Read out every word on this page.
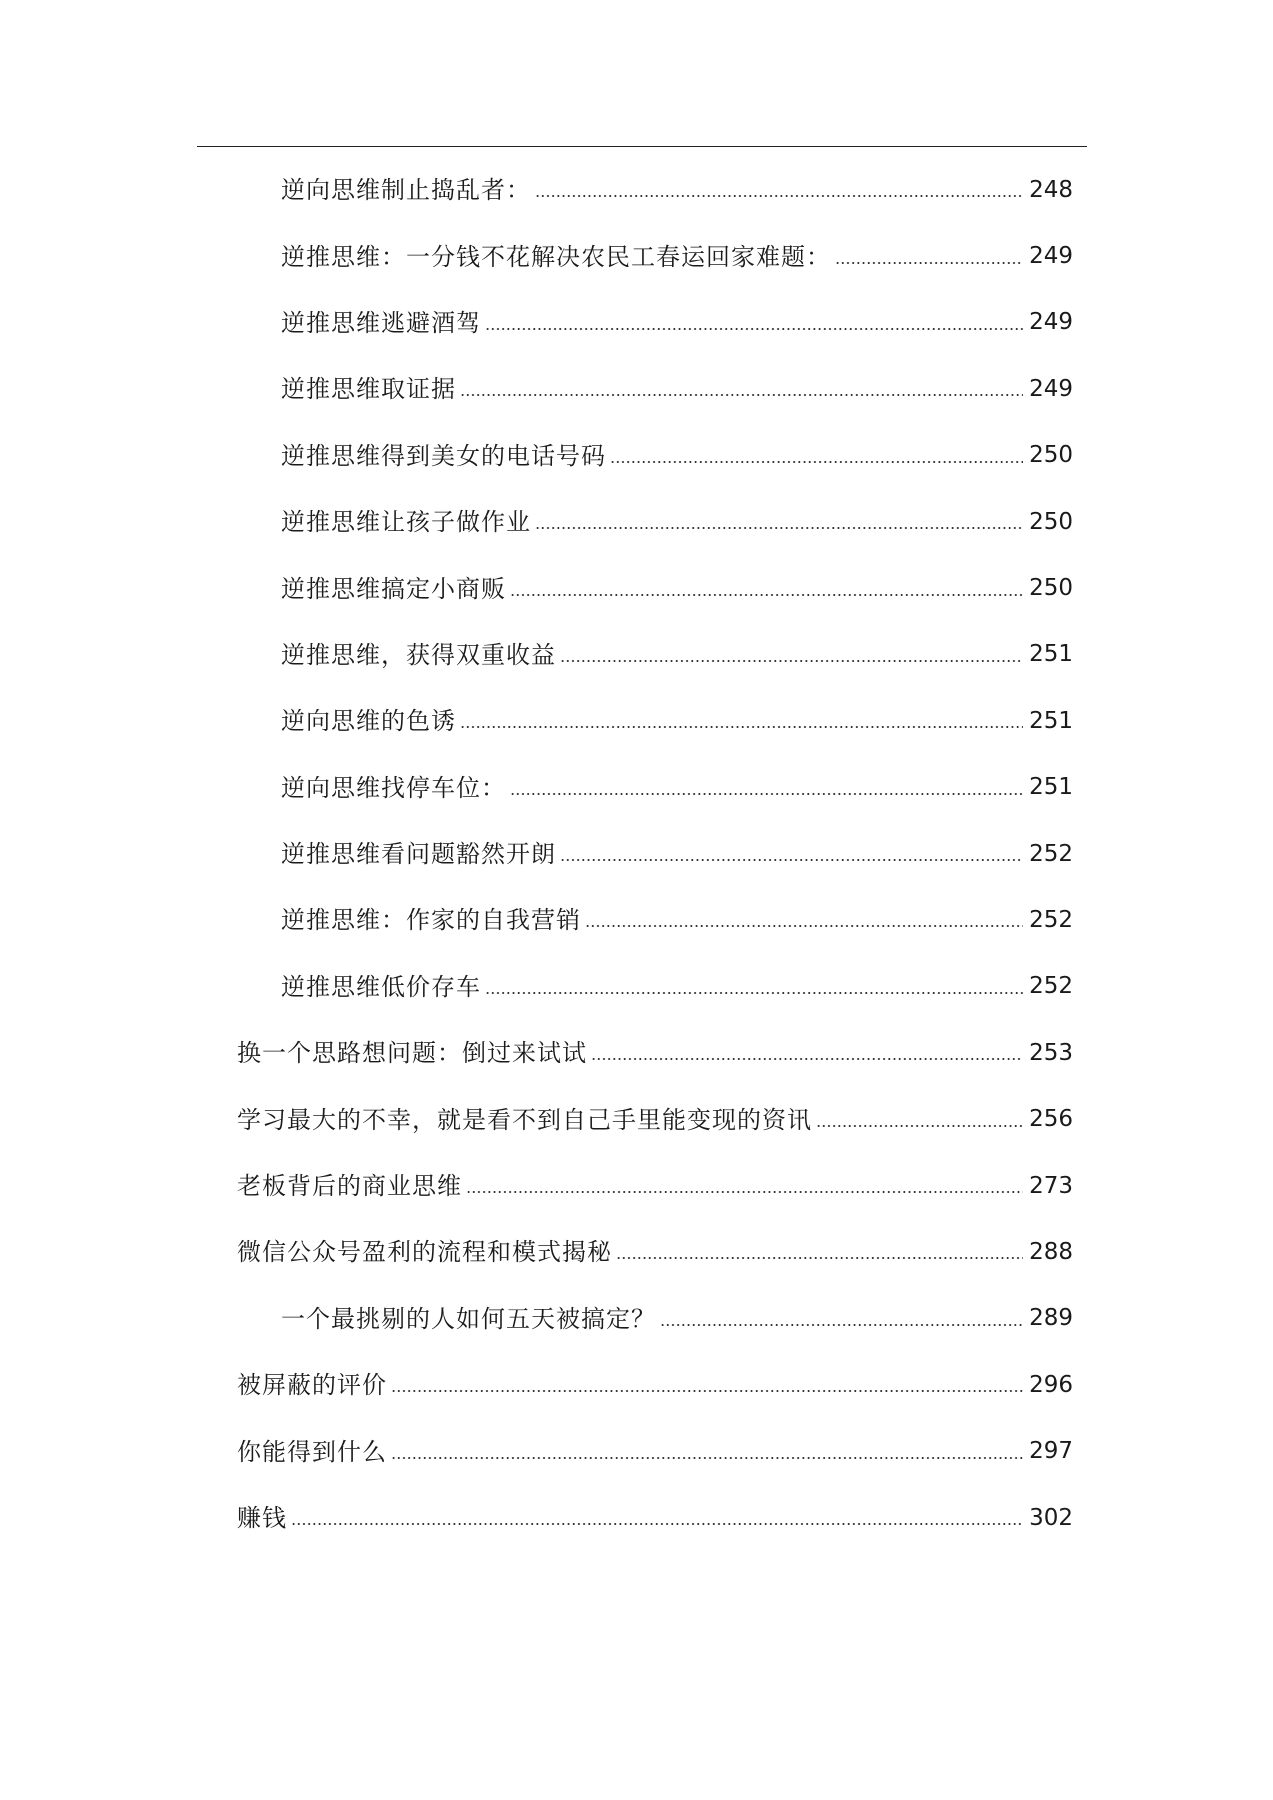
逆向思维制止捣乱者：	248
逆推思维：一分钱不花解决农民工春运回家难题：	249
逆推思维逃避酒驾	249
逆推思维取证据	249
逆推思维得到美女的电话号码	250
逆推思维让孩子做作业	250
逆推思维搞定小商贩	250
逆推思维，获得双重收益	251
逆向思维的色诱	251
逆向思维找停车位：	251
逆推思维看问题豁然开朗	252
逆推思维：作家的自我营销	252
逆推思维低价存车	252
换一个思路想问题：倒过来试试	253
学习最大的不幸，就是看不到自己手里能变现的资讯	256
老板背后的商业思维	273
微信公众号盈利的流程和模式揭秘	288
一个最挑剔的人如何五天被搞定？	289
被屏蔽的评价	296
你能得到什么	297
赚钱	302
